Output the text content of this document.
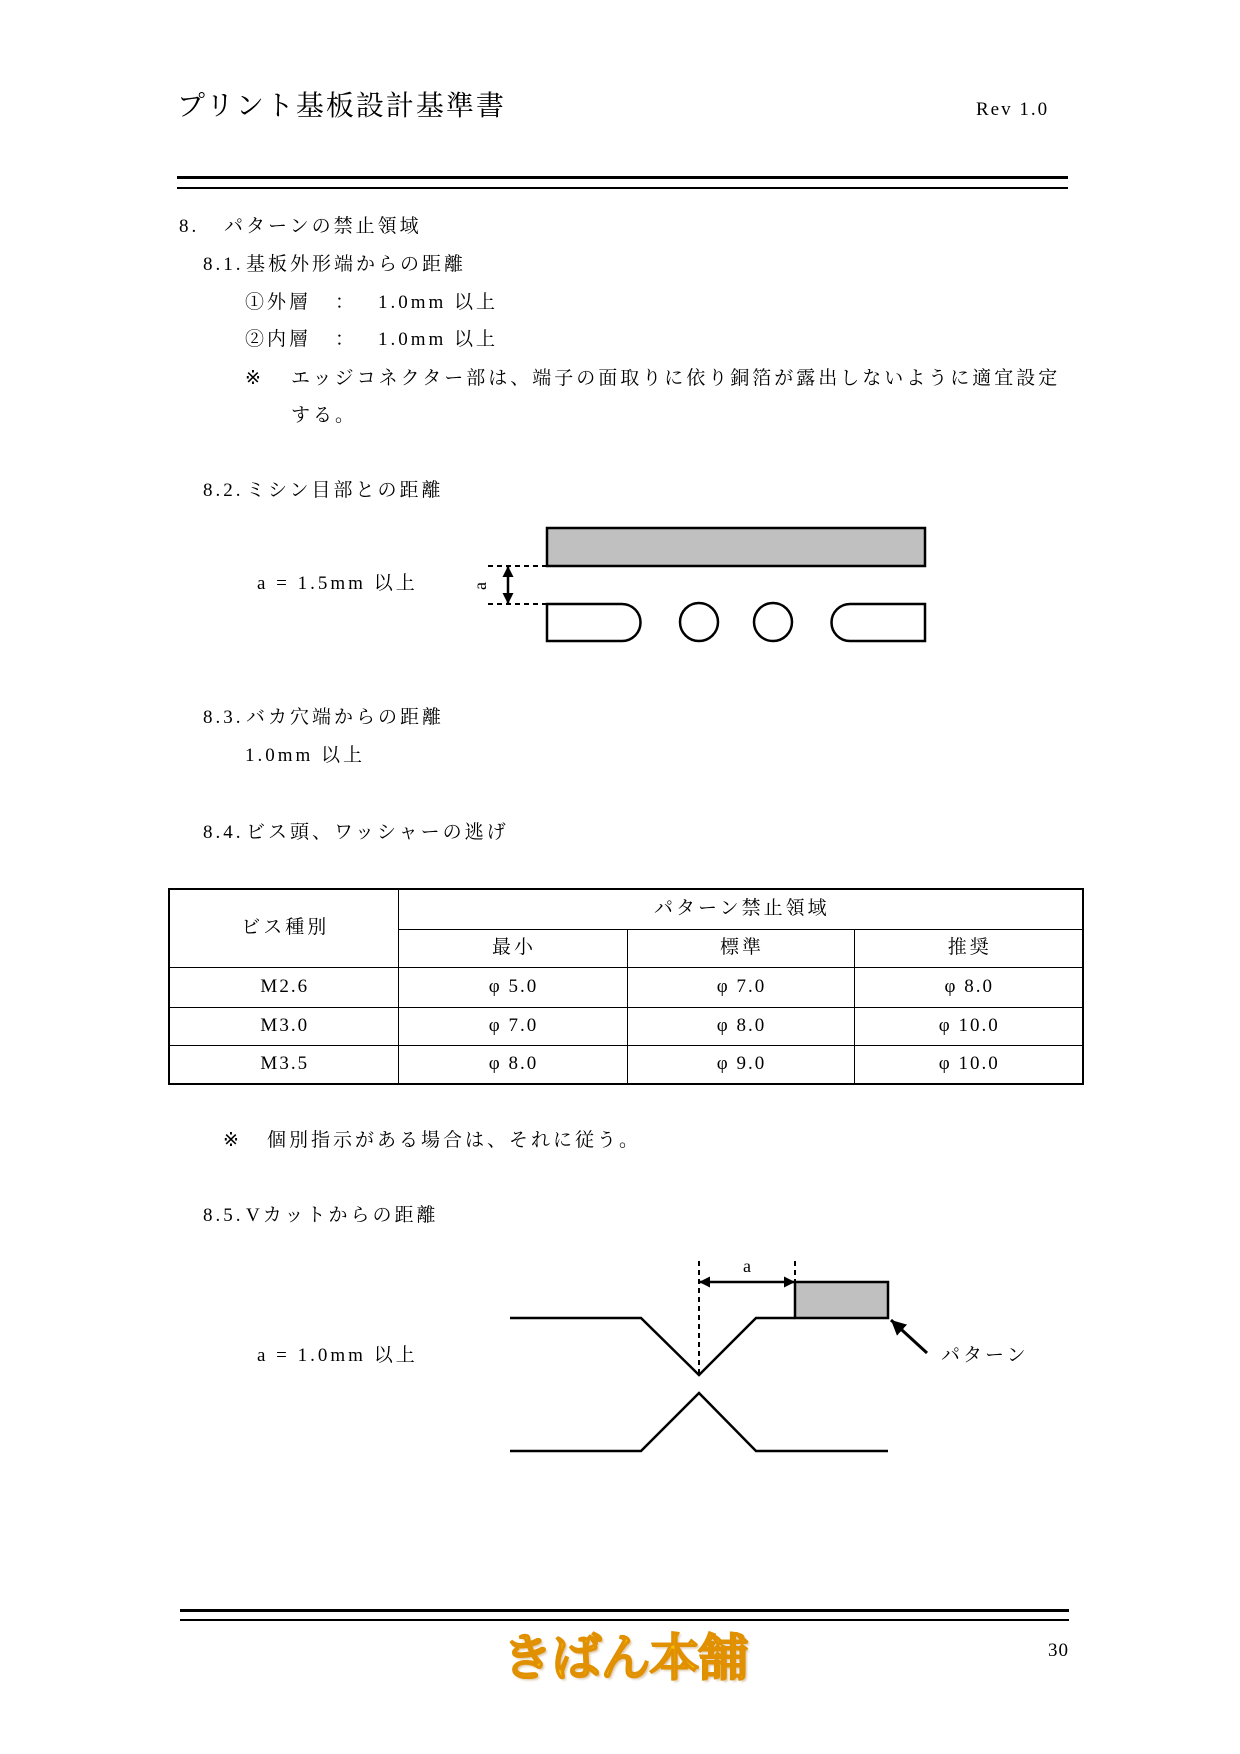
プリント基板設計基準書	Rev 1.0
8. パターンの禁止領域
8.1. 基板外形端からの距離
①外層 ： 1.0mm 以上
②内層 ： 1.0mm 以上
※ エッジコネクター部は、端子の面取りに依り銅箔が露出しないように適宜設定
する。
8.2. ミシン目部との距離
a = 1.5mm 以上	a
8.3. バカ穴端からの距離
1.0mm 以上
8.4. ビス頭、ワッシャーの逃げ
ビス種別	パターン禁止領域		
	最小	標準	推奨
M2.6	φ 5.0	φ 7.0	φ 8.0
M3.0	φ 7.0	φ 8.0	φ 10.0
M3.5	φ 8.0	φ 9.0	φ 10.0
※ 個別指示がある場合は、それに従う。
8.5. Vカットからの距離
a = 1.0mm 以上
a
パターン
きばん本舗	30
